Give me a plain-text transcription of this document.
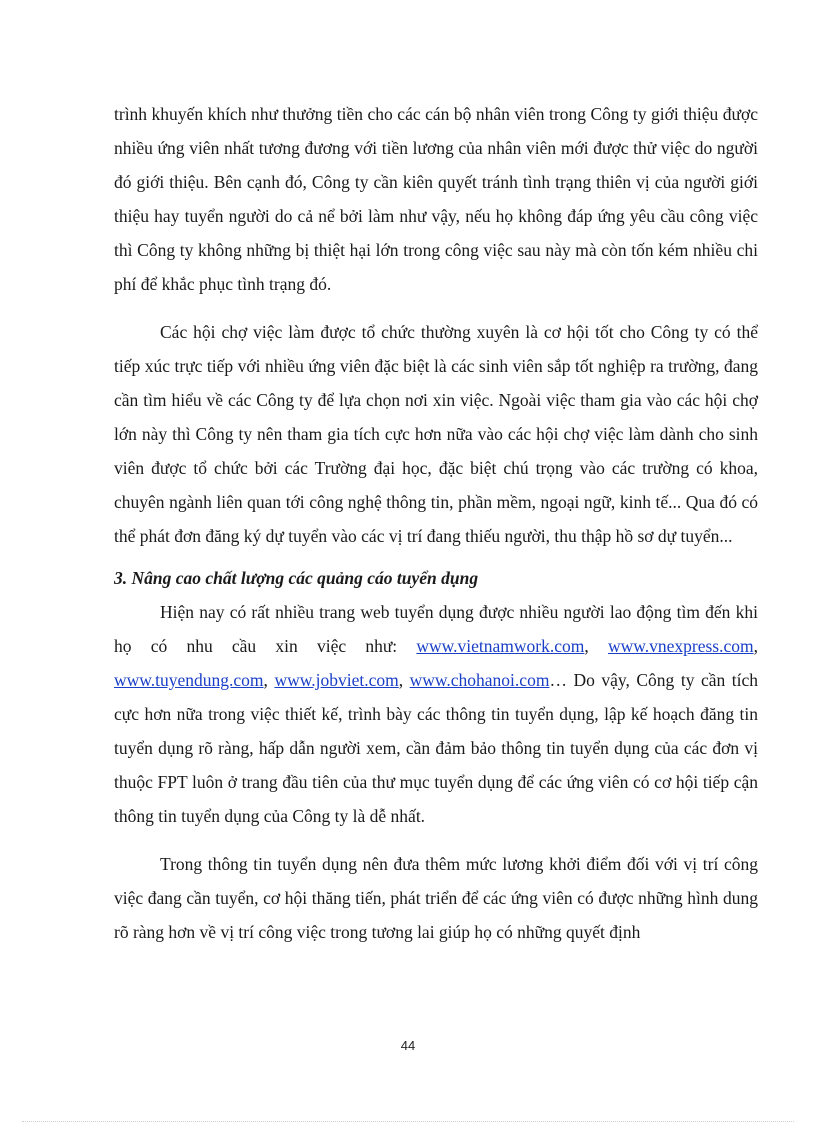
trình khuyến khích như thưởng tiền cho các cán bộ nhân viên trong Công ty giới thiệu được nhiều ứng viên nhất tương đương với tiền lương của nhân viên mới được thử việc do người đó giới thiệu. Bên cạnh đó, Công ty cần kiên quyết tránh tình trạng thiên vị của người giới thiệu hay tuyển người do cả nể bởi làm như vậy, nếu họ không đáp ứng yêu cầu công việc thì Công ty không những bị thiệt hại lớn trong công việc sau này mà còn tốn kém nhiều chi phí để khắc phục tình trạng đó.

Các hội chợ việc làm được tổ chức thường xuyên là cơ hội tốt cho Công ty có thể tiếp xúc trực tiếp với nhiều ứng viên đặc biệt là các sinh viên sắp tốt nghiệp ra trường, đang cần tìm hiểu về các Công ty để lựa chọn nơi xin việc. Ngoài việc tham gia vào các hội chợ lớn này thì Công ty nên tham gia tích cực hơn nữa vào các hội chợ việc làm dành cho sinh viên được tổ chức bởi các Trường đại học, đặc biệt chú trọng vào các trường có khoa, chuyên ngành liên quan tới công nghệ thông tin, phần mềm, ngoại ngữ, kinh tế... Qua đó có thể phát đơn đăng ký dự tuyển vào các vị trí đang thiếu người, thu thập hồ sơ dự tuyển...

3. Nâng cao chất lượng các quảng cáo tuyển dụng

Hiện nay có rất nhiều trang web tuyển dụng được nhiều người lao động tìm đến khi họ có nhu cầu xin việc như: www.vietnamwork.com, www.vnexpress.com, www.tuyendung.com, www.jobviet.com, www.chohanoi.com… Do vậy, Công ty cần tích cực hơn nữa trong việc thiết kế, trình bày các thông tin tuyển dụng, lập kế hoạch đăng tin tuyển dụng rõ ràng, hấp dẫn người xem, cần đảm bảo thông tin tuyển dụng của các đơn vị thuộc FPT luôn ở trang đầu tiên của thư mục tuyển dụng để các ứng viên có cơ hội tiếp cận thông tin tuyển dụng của Công ty là dễ nhất.

Trong thông tin tuyển dụng nên đưa thêm mức lương khởi điểm đối với vị trí công việc đang cần tuyển, cơ hội thăng tiến, phát triển để các ứng viên có được những hình dung rõ ràng hơn về vị trí công việc trong tương lai giúp họ có những quyết định

44
